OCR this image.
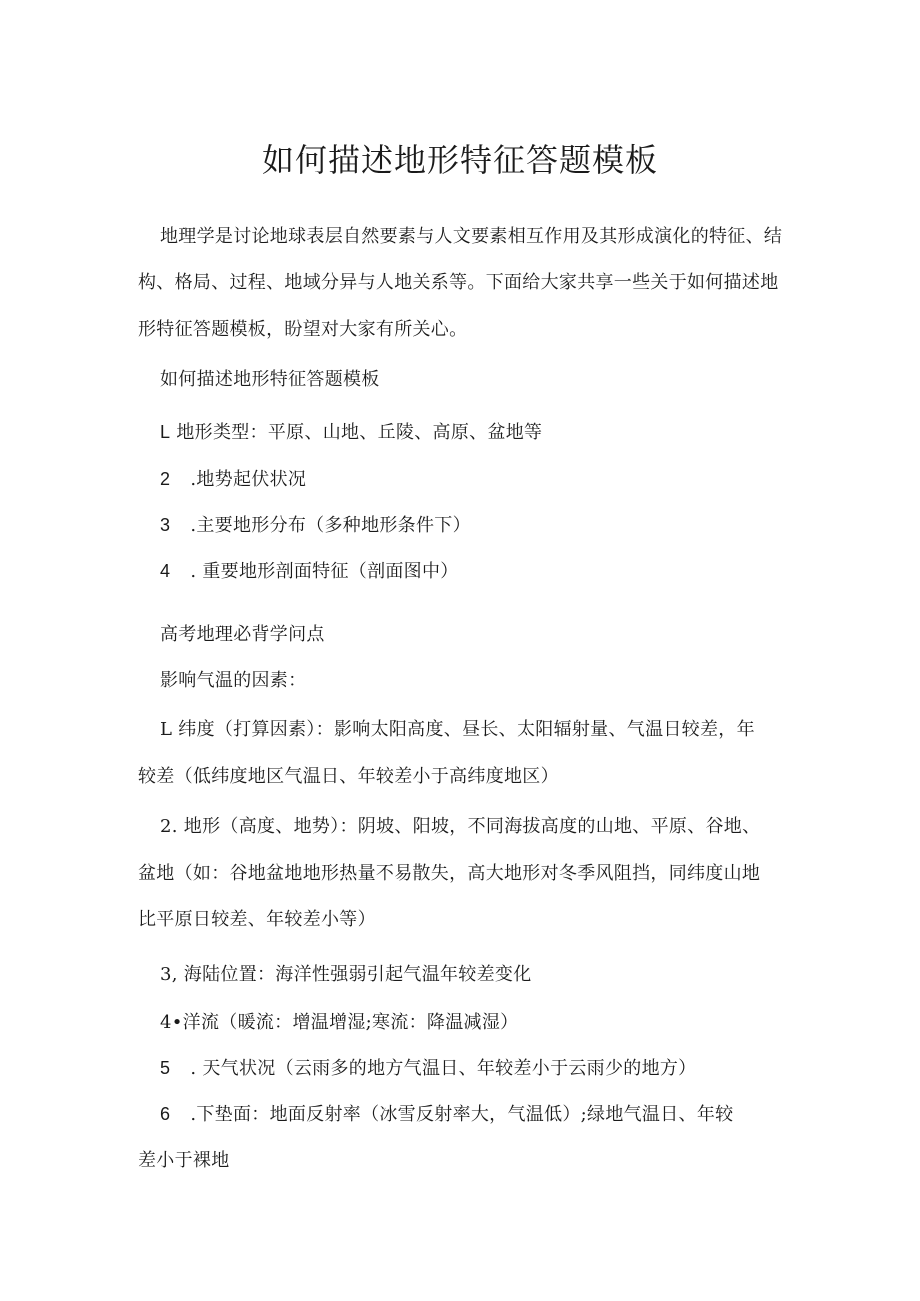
如何描述地形特征答题模板
地理学是讨论地球表层自然要素与人文要素相互作用及其形成演化的特征、结
构、格局、过程、地域分异与人地关系等。下面给大家共享一些关于如何描述地
形特征答题模板，盼望对大家有所关心。
如何描述地形特征答题模板
L 地形类型：平原、山地、丘陵、高原、盆地等
2 .地势起伏状况
3 .主要地形分布（多种地形条件下）
4 . 重要地形剖面特征（剖面图中）
高考地理必背学问点
影响气温的因素：
L 纬度（打算因素）：影响太阳高度、昼长、太阳辐射量、气温日较差，年
较差（低纬度地区气温日、年较差小于高纬度地区）
2. 地形（高度、地势）：阴坡、阳坡，不同海拔高度的山地、平原、谷地、
盆地（如：谷地盆地地形热量不易散失，高大地形对冬季风阻挡，同纬度山地
比平原日较差、年较差小等）
3, 海陆位置：海洋性强弱引起气温年较差变化
4•洋流（暖流：增温增湿;寒流：降温减湿）
5 . 天气状况（云雨多的地方气温日、年较差小于云雨少的地方）
6 .下垫面：地面反射率（冰雪反射率大，气温低）;绿地气温日、年较
差小于裸地
